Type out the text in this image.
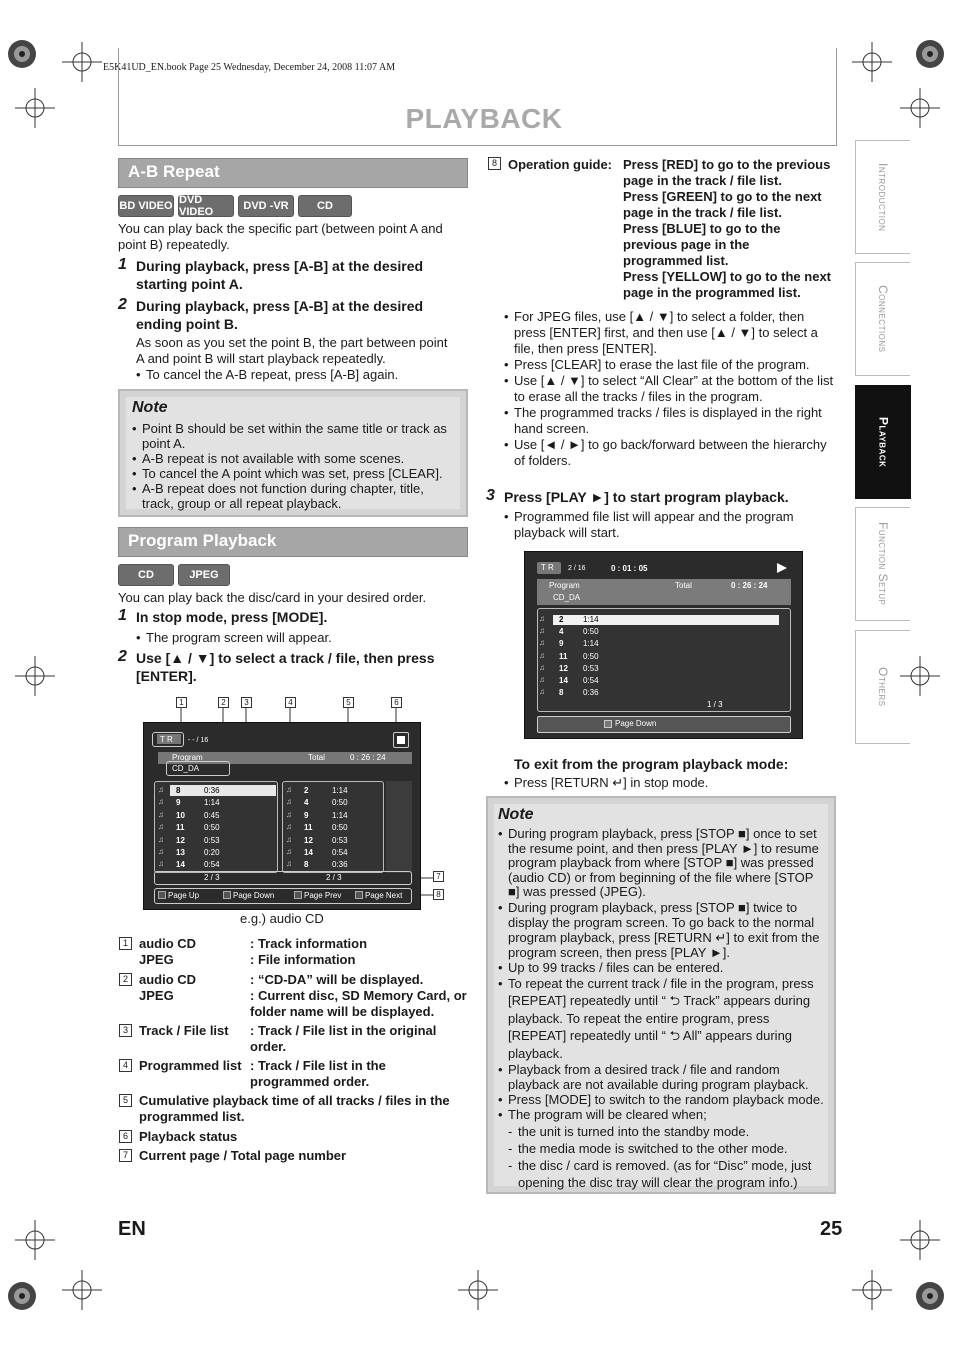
E5K41UD_EN.book Page 25 Wednesday, December 24, 2008 11:07 AM
PLAYBACK
Introduction
Connections
Playback
Function Setup
Others
A-B Repeat
BD VIDEO DVD VIDEO	DVD -VR	CD
You can play back the specific part (between point A and
point B) repeatedly.
1 During playback, press [A-B] at the desired
starting point A.
2 During playback, press [A-B] at the desired
ending point B.
As soon as you set the point B, the part between point
A and point B will start playback repeatedly.
• To cancel the A-B repeat, press [A-B] again.
Note
• Point B should be set within the same title or track as point A.
• A-B repeat is not available with some scenes.
• To cancel the A point which was set, press [CLEAR].
• A-B repeat does not function during chapter, title, track, group or all repeat playback.
Program Playback
CD	JPEG
You can play back the disc/card in your desired order.
1 In stop mode, press [MODE].
• The program screen will appear.
2 Use [▲ / ▼] to select a track / file, then press
[ENTER].
1	2	3	4	5	6
7
8
T R - - / 16
Program	Total	0 : 26 : 24
CD_DA
♫ 8	0:36
♫ 9	1:14
♫ 10 0:45
♫ 11 0:50
♫ 12 0:53
♫ 13 0:20
♫ 14 0:54
♫ 2	1:14
♫ 4	0:50
♫ 9	1:14
♫ 11 0:50
♫ 12 0:53
♫ 14 0:54
♫ 8	0:36
2 / 3	2 / 3
Page Up	Page Down	Page Prev	Page Next
e.g.) audio CD
1 audio CD	: Track information
JPEG	: File information
2 audio CD	: “CD-DA” will be displayed.
JPEG	: Current disc, SD Memory Card, or
folder name will be displayed.
3 Track / File list : Track / File list in the original
order.
4 Programmed list : Track / File list in the
programmed order.
5 Cumulative playback time of all tracks / files in the
programmed list.
6 Playback status
7 Current page / Total page number
8 Operation guide: Press [RED] to go to the previous
page in the track / file list.
Press [GREEN] to go to the next
page in the track / file list.
Press [BLUE] to go to the
previous page in the
programmed list.
Press [YELLOW] to go to the next
page in the programmed list.
• For JPEG files, use [▲ / ▼] to select a folder, then press [ENTER] first, and then use [▲ / ▼] to select a file, then press [ENTER].
• Press [CLEAR] to erase the last file of the program.
• Use [▲ / ▼] to select “All Clear” at the bottom of the list to erase all the tracks / files in the program.
• The programmed tracks / files is displayed in the right hand screen.
• Use [◄ / ►] to go back/forward between the hierarchy of folders.
3 Press [PLAY ►] to start program playback.
• Programmed file list will appear and the program playback will start.
T R 2 / 16	0 : 01 : 05
Program	Total	0 : 26 : 24
CD_DA
♫ 2 1:14
♫ 4 0:50
♫ 9 1:14
♫ 11 0:50
♫ 12 0:53
♫ 14 0:54
♫ 8 0:36
1 / 3
Page Down
To exit from the program playback mode:
• Press [RETURN ↵] in stop mode.
Note
• During program playback, press [STOP ■] once to set the resume point, and then press [PLAY ►] to resume program playback from where [STOP ■] was pressed (audio CD) or from beginning of the file where [STOP ■] was pressed (JPEG).
• During program playback, press [STOP ■] twice to display the program screen. To go back to the normal program playback, press [RETURN ↵] to exit from the program screen, then press [PLAY ►].
• Up to 99 tracks / files can be entered.
• To repeat the current track / file in the program, press [REPEAT] repeatedly until “ ⮌ Track” appears during playback. To repeat the entire program, press [REPEAT] repeatedly until “ ⮌ All” appears during playback.
• Playback from a desired track / file and random playback are not available during program playback.
• Press [MODE] to switch to the random playback mode.
• The program will be cleared when;
- the unit is turned into the standby mode.
- the media mode is switched to the other mode.
- the disc / card is removed. (as for “Disc” mode, just opening the disc tray will clear the program info.)
EN	25
